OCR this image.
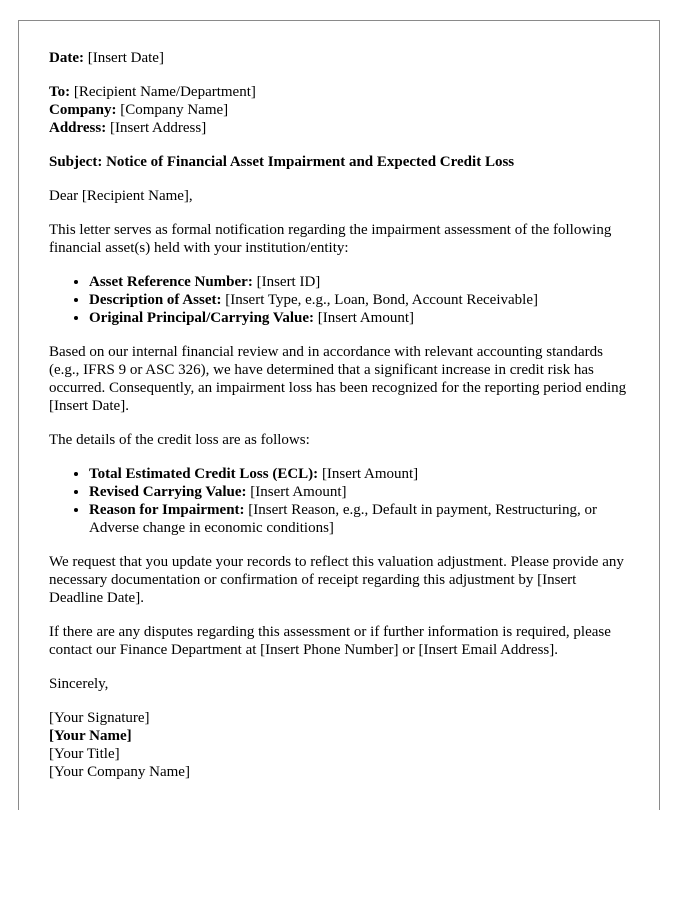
Date: [Insert Date]

To: [Recipient Name/Department]
Company: [Company Name]
Address: [Insert Address]

Subject: Notice of Financial Asset Impairment and Expected Credit Loss

Dear [Recipient Name],

This letter serves as formal notification regarding the impairment assessment of the following financial asset(s) held with your institution/entity:

• Asset Reference Number: [Insert ID]
• Description of Asset: [Insert Type, e.g., Loan, Bond, Account Receivable]
• Original Principal/Carrying Value: [Insert Amount]

Based on our internal financial review and in accordance with relevant accounting standards (e.g., IFRS 9 or ASC 326), we have determined that a significant increase in credit risk has occurred. Consequently, an impairment loss has been recognized for the reporting period ending [Insert Date].

The details of the credit loss are as follows:

• Total Estimated Credit Loss (ECL): [Insert Amount]
• Revised Carrying Value: [Insert Amount]
• Reason for Impairment: [Insert Reason, e.g., Default in payment, Restructuring, or Adverse change in economic conditions]

We request that you update your records to reflect this valuation adjustment. Please provide any necessary documentation or confirmation of receipt regarding this adjustment by [Insert Deadline Date].

If there are any disputes regarding this assessment or if further information is required, please contact our Finance Department at [Insert Phone Number] or [Insert Email Address].

Sincerely,

[Your Signature]
[Your Name]
[Your Title]
[Your Company Name]
